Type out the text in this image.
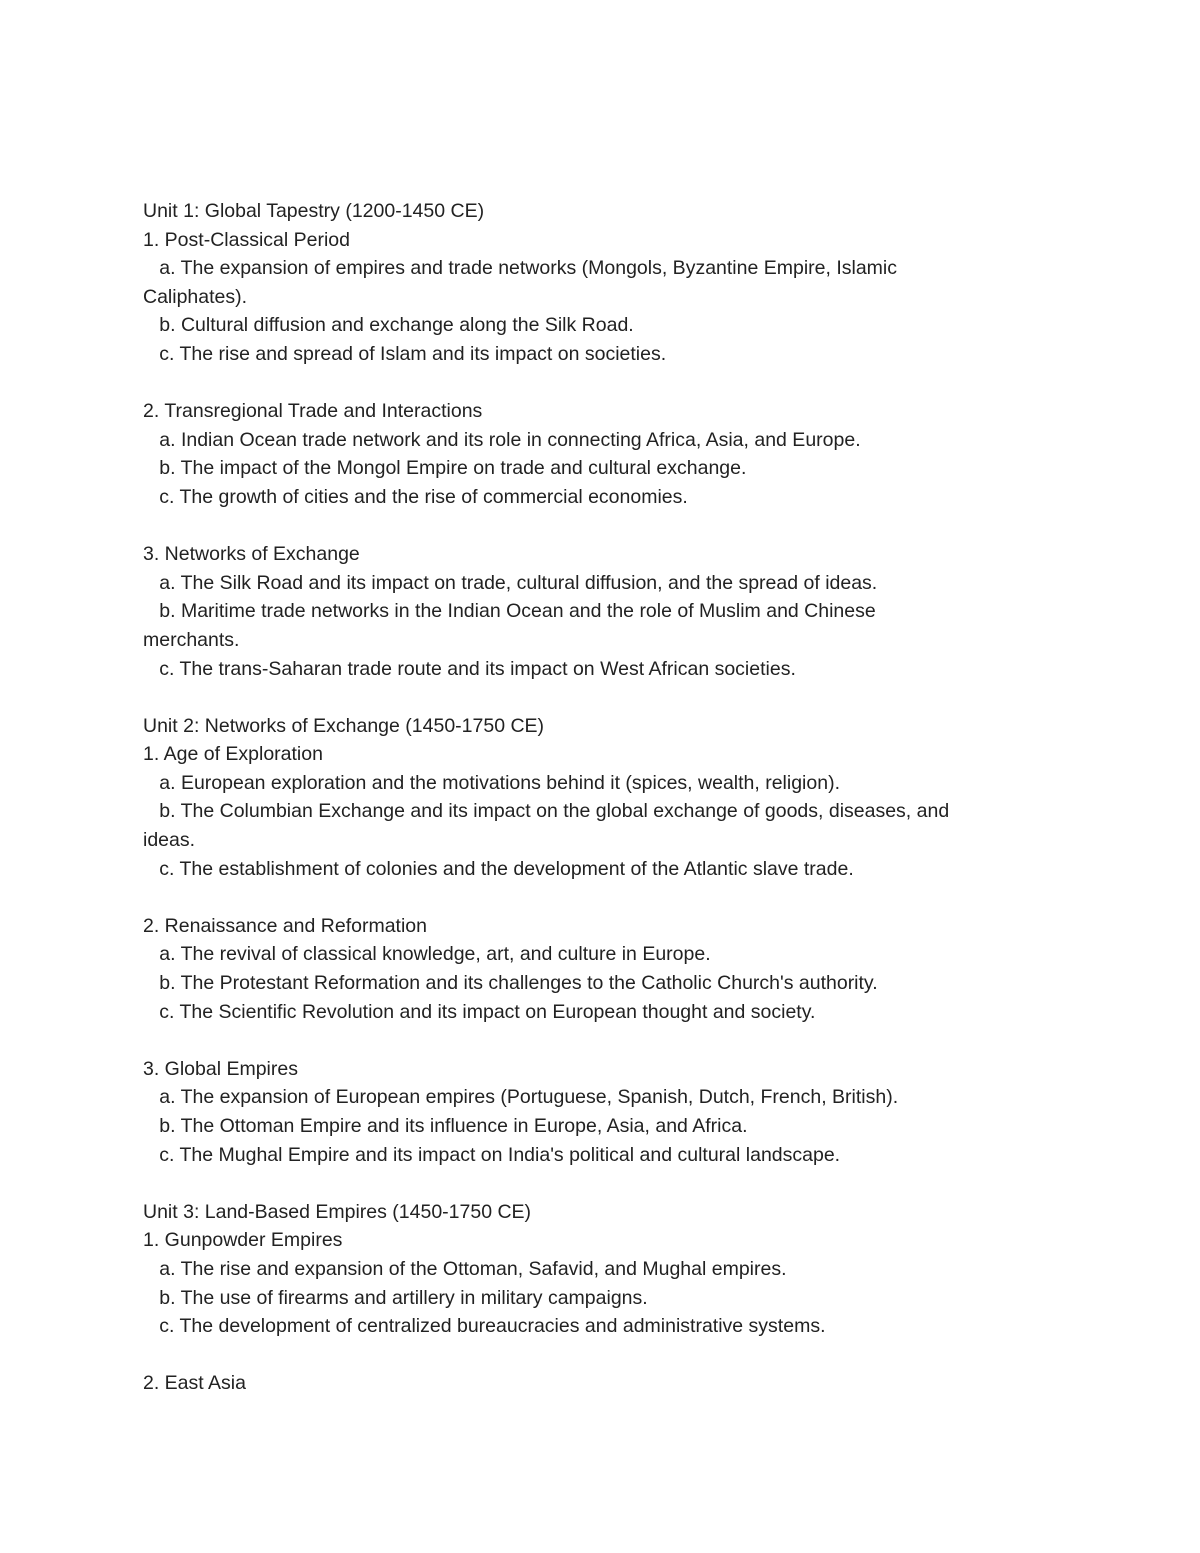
Unit 1: Global Tapestry (1200-1450 CE)
1. Post-Classical Period
a. The expansion of empires and trade networks (Mongols, Byzantine Empire, Islamic
Caliphates).
b. Cultural diffusion and exchange along the Silk Road.
c. The rise and spread of Islam and its impact on societies.
2. Transregional Trade and Interactions
a. Indian Ocean trade network and its role in connecting Africa, Asia, and Europe.
b. The impact of the Mongol Empire on trade and cultural exchange.
c. The growth of cities and the rise of commercial economies.
3. Networks of Exchange
a. The Silk Road and its impact on trade, cultural diffusion, and the spread of ideas.
b. Maritime trade networks in the Indian Ocean and the role of Muslim and Chinese
merchants.
c. The trans-Saharan trade route and its impact on West African societies.
Unit 2: Networks of Exchange (1450-1750 CE)
1. Age of Exploration
a. European exploration and the motivations behind it (spices, wealth, religion).
b. The Columbian Exchange and its impact on the global exchange of goods, diseases, and
ideas.
c. The establishment of colonies and the development of the Atlantic slave trade.
2. Renaissance and Reformation
a. The revival of classical knowledge, art, and culture in Europe.
b. The Protestant Reformation and its challenges to the Catholic Church's authority.
c. The Scientific Revolution and its impact on European thought and society.
3. Global Empires
a. The expansion of European empires (Portuguese, Spanish, Dutch, French, British).
b. The Ottoman Empire and its influence in Europe, Asia, and Africa.
c. The Mughal Empire and its impact on India's political and cultural landscape.
Unit 3: Land-Based Empires (1450-1750 CE)
1. Gunpowder Empires
a. The rise and expansion of the Ottoman, Safavid, and Mughal empires.
b. The use of firearms and artillery in military campaigns.
c. The development of centralized bureaucracies and administrative systems.
2. East Asia
